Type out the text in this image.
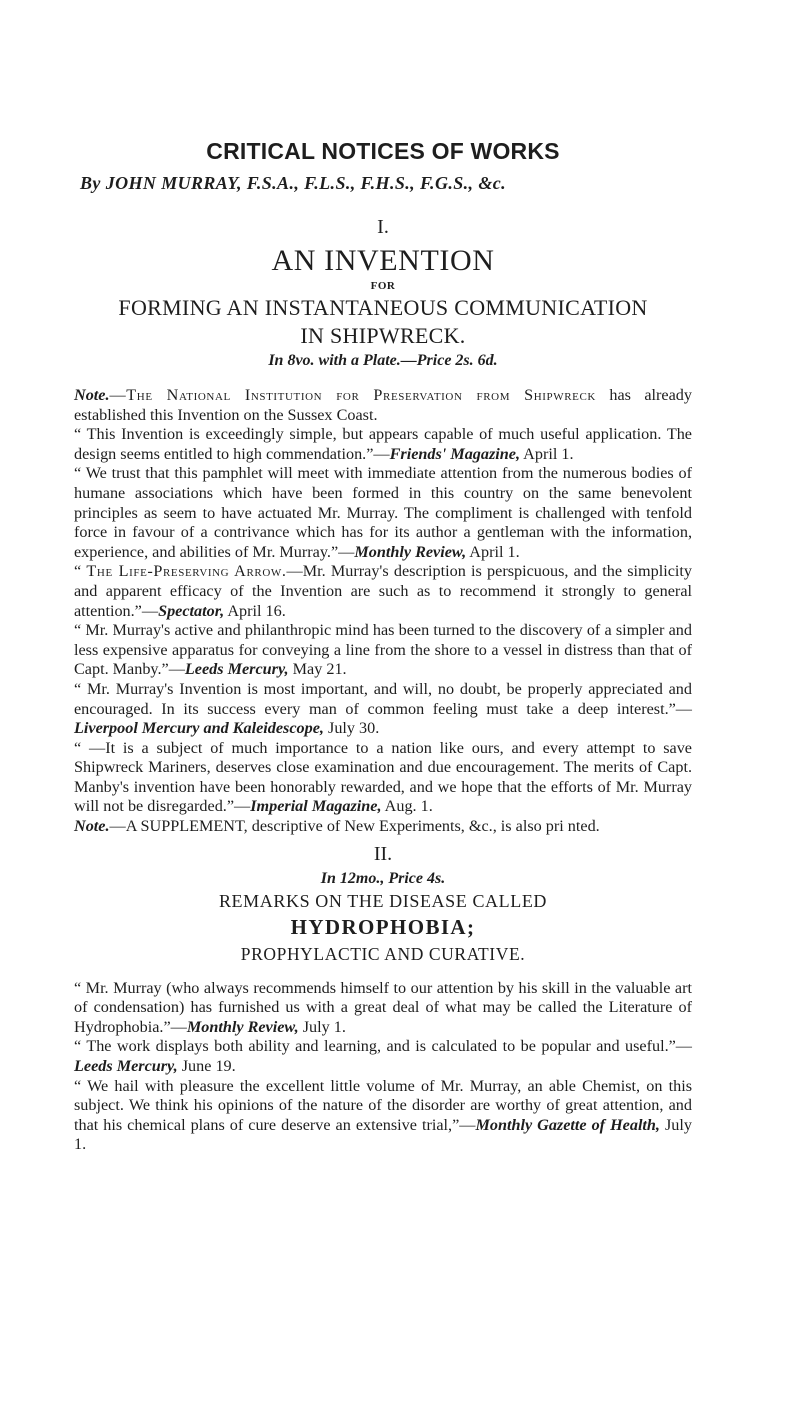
CRITICAL NOTICES OF WORKS
By JOHN MURRAY, F.S.A., F.L.S., F.H.S., F.G.S., &c.
I.
AN INVENTION
FOR
FORMING AN INSTANTANEOUS COMMUNICATION
IN SHIPWRECK.
In 8vo. with a Plate.—Price 2s. 6d.

Note.—The National Institution for Preservation from Shipwreck has already established this Invention on the Sussex Coast.

“ This Invention is exceedingly simple, but appears capable of much useful application. The design seems entitled to high commendation.”—Friends' Magazine, April 1.

“ We trust that this pamphlet will meet with immediate attention from the numerous bodies of humane associations which have been formed in this country on the same benevolent principles as seem to have actuated Mr. Murray. The compliment is challenged with tenfold force in favour of a contrivance which has for its author a gentleman with the information, experience, and abilities of Mr. Murray.”—Monthly Review, April 1.

“ The Life-Preserving Arrow.—Mr. Murray's description is perspicuous, and the simplicity and apparent efficacy of the Invention are such as to recommend it strongly to general attention.”—Spectator, April 16.

“ Mr. Murray's active and philanthropic mind has been turned to the discovery of a simpler and less expensive apparatus for conveying a line from the shore to a vessel in distress than that of Capt. Manby.”—Leeds Mercury, May 21.

“ Mr. Murray's Invention is most important, and will, no doubt, be properly appreciated and encouraged. In its success every man of common feeling must take a deep interest.”—Liverpool Mercury and Kaleidescope, July 30.

“ —It is a subject of much importance to a nation like ours, and every attempt to save Shipwreck Mariners, deserves close examination and due encouragement. The merits of Capt. Manby's invention have been honorably rewarded, and we hope that the efforts of Mr. Murray will not be disregarded.”—Imperial Magazine, Aug. 1.

Note.—A SUPPLEMENT, descriptive of New Experiments, &c., is also pri nted.

II.
In 12mo., Price 4s.
REMARKS ON THE DISEASE CALLED
HYDROPHOBIA;
PROPHYLACTIC AND CURATIVE.

“ Mr. Murray (who always recommends himself to our attention by his skill in the valuable art of condensation) has furnished us with a great deal of what may be called the Literature of Hydrophobia.”—Monthly Review, July 1.

“ The work displays both ability and learning, and is calculated to be popular and useful.”—Leeds Mercury, June 19.

“ We hail with pleasure the excellent little volume of Mr. Murray, an able Chemist, on this subject. We think his opinions of the nature of the disorder are worthy of great attention, and that his chemical plans of cure deserve an extensive trial,”—Monthly Gazette of Health, July 1.
